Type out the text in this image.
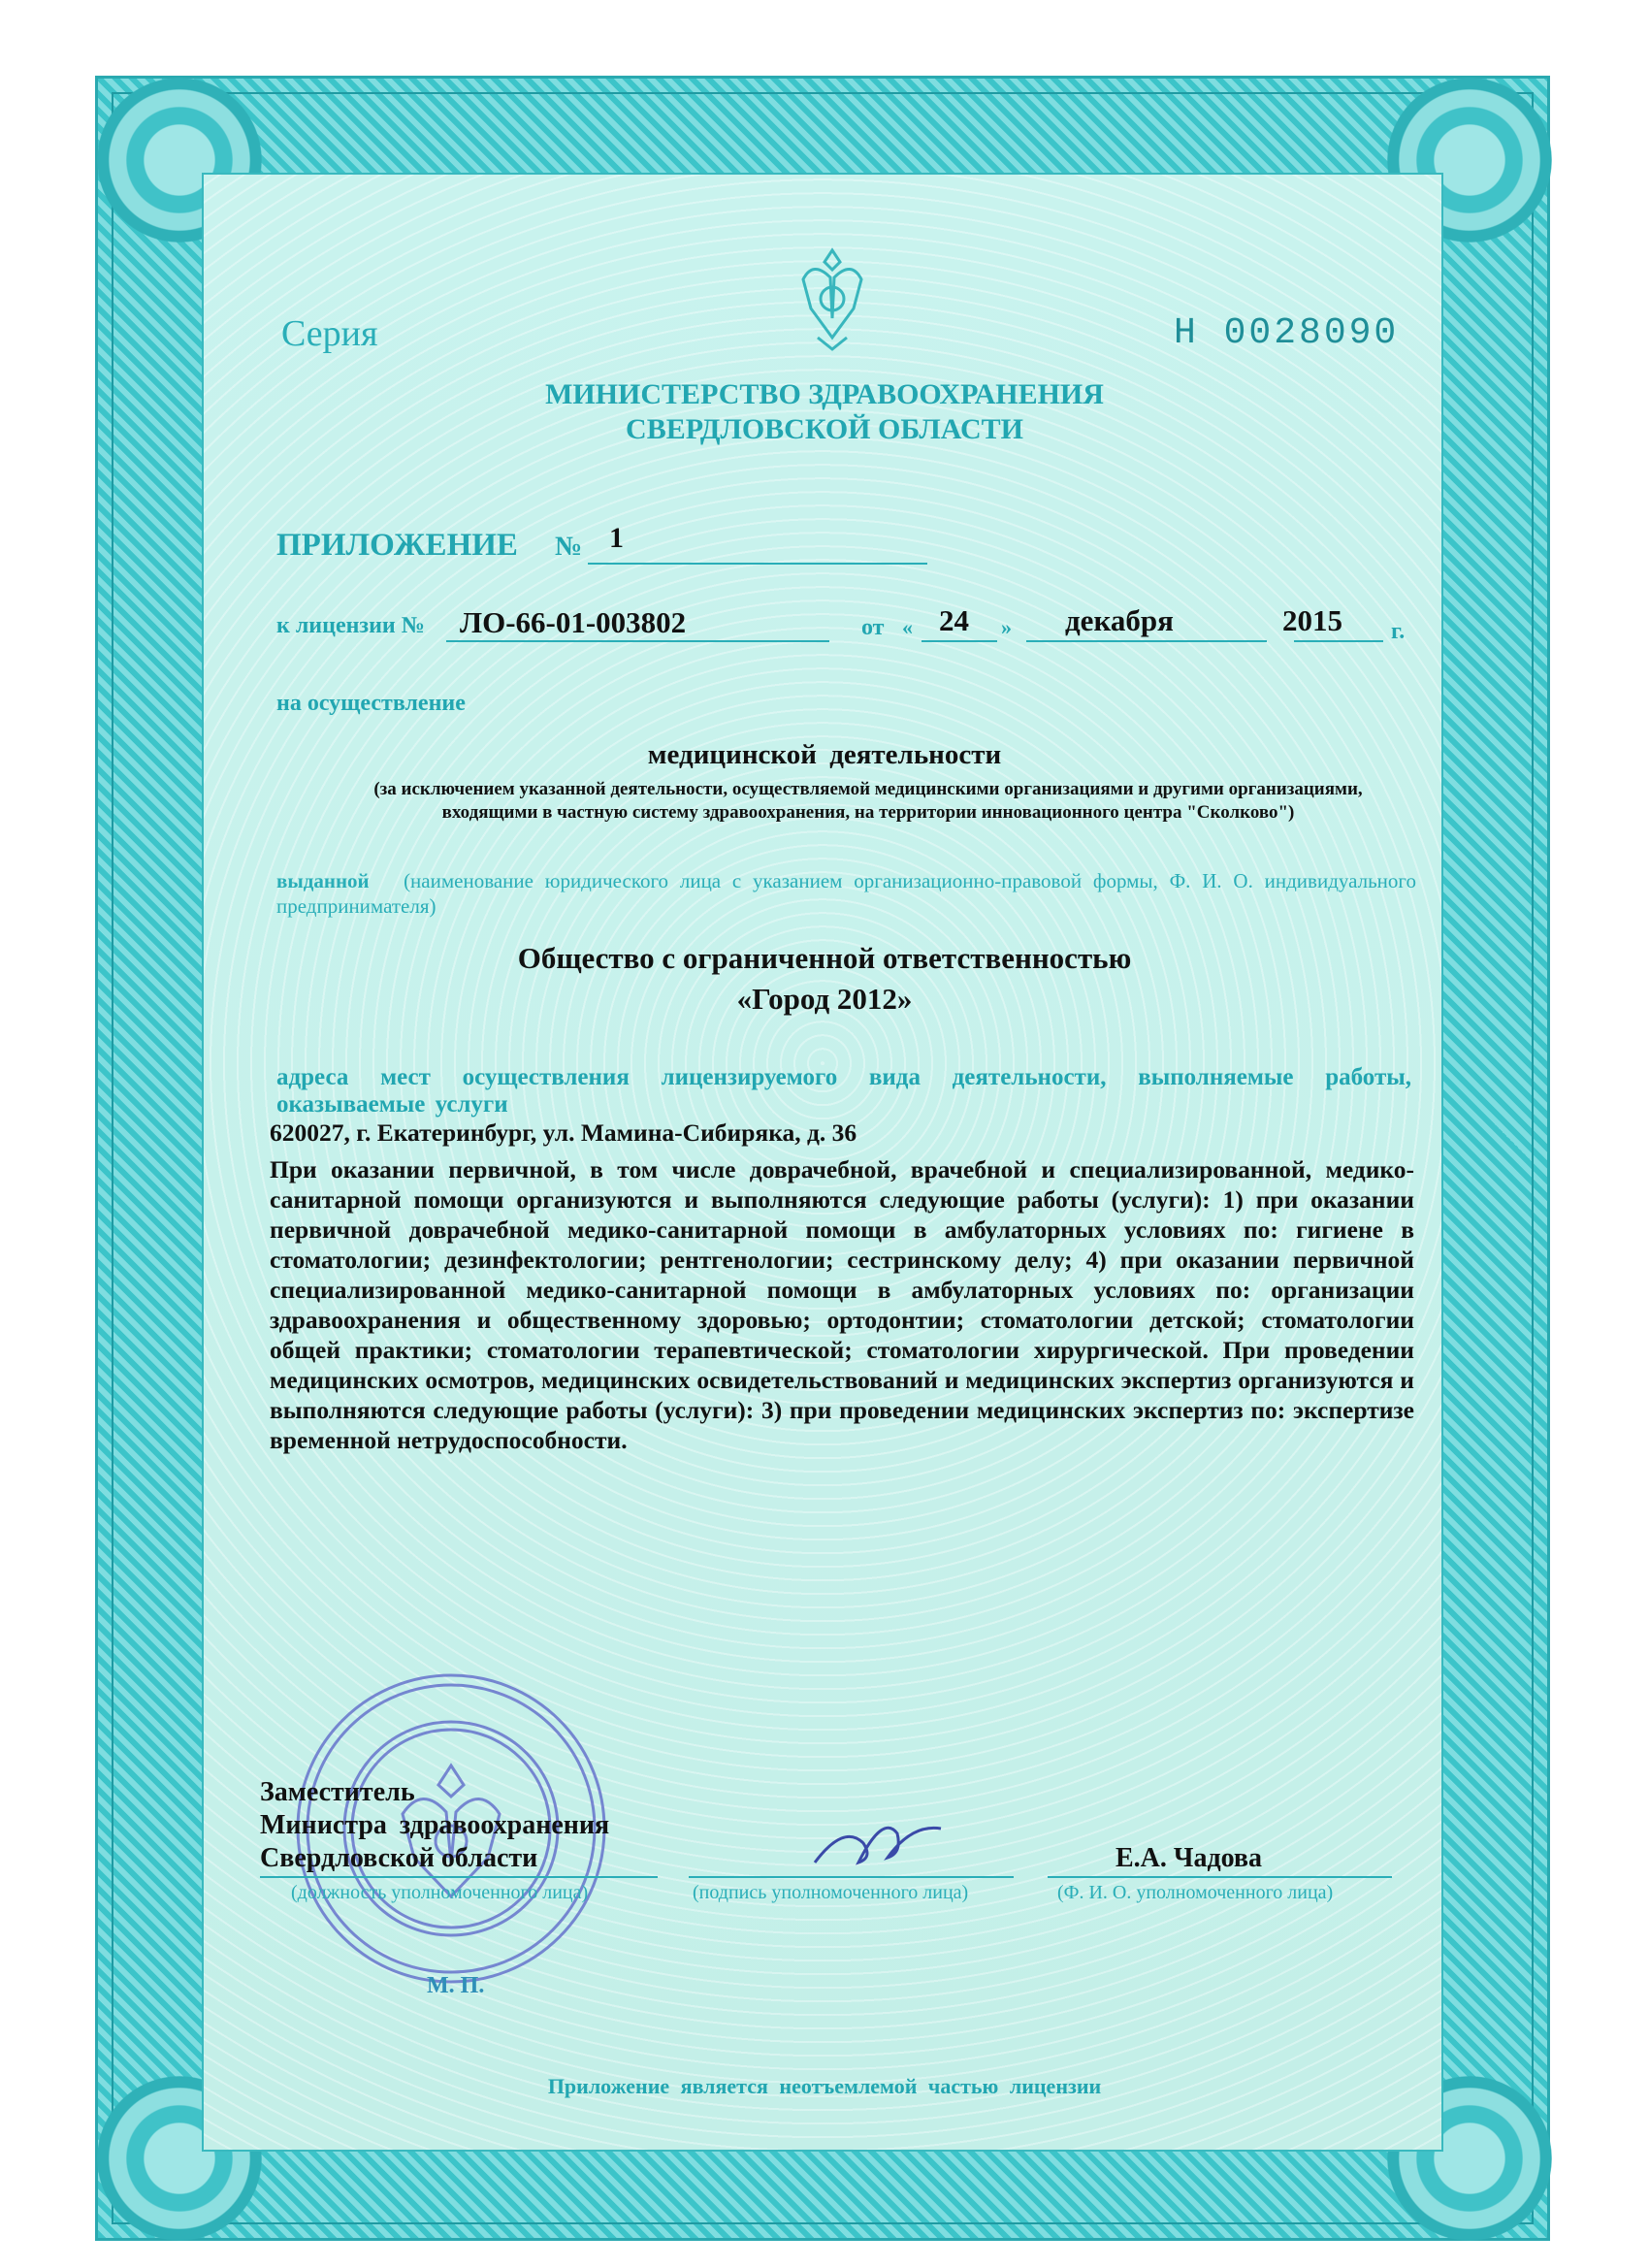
Серия	Н 0028090
МИНИСТЕРСТВО ЗДРАВООХРАНЕНИЯ
СВЕРДЛОВСКОЙ ОБЛАСТИ
ПРИЛОЖЕНИЕ № 1
к лицензии № ЛО-66-01-003802	от « 24 » декабря	2015 г.
на осуществление
медицинской деятельности
(за исключением указанной деятельности, осуществляемой медицинскими организациями и другими организациями, входящими в частную систему здравоохранения, на территории инновационного центра "Сколково")
выданной (наименование юридического лица с указанием организационно-правовой формы, Ф. И. О. индивидуального предпринимателя)
Общество с ограниченной ответственностью
«Город 2012»
адреса мест осуществления лицензируемого вида деятельности, выполняемые работы, оказываемые услуги
620027, г. Екатеринбург, ул. Мамина-Сибиряка, д. 36
При оказании первичной, в том числе доврачебной, врачебной и специализированной, медико-санитарной помощи организуются и выполняются следующие работы (услуги): 1) при оказании первичной доврачебной медико-санитарной помощи в амбулаторных условиях по: гигиене в стоматологии; дезинфектологии; рентгенологии; сестринскому делу; 4) при оказании первичной специализированной медико-санитарной помощи в амбулаторных условиях по: организации здравоохранения и общественному здоровью; ортодонтии; стоматологии детской; стоматологии общей практики; стоматологии терапевтической; стоматологии хирургической. При проведении медицинских осмотров, медицинских освидетельствований и медицинских экспертиз организуются и выполняются следующие работы (услуги): 3) при проведении медицинских экспертиз по: экспертизе временной нетрудоспособности.
Заместитель
Министра здравоохранения
Свердловской области
(должность уполномоченного лица)	(подпись уполномоченного лица)
Е.А. Чадова
(Ф. И. О. уполномоченного лица)
М. П.
Приложение является неотъемлемой частью лицензии
